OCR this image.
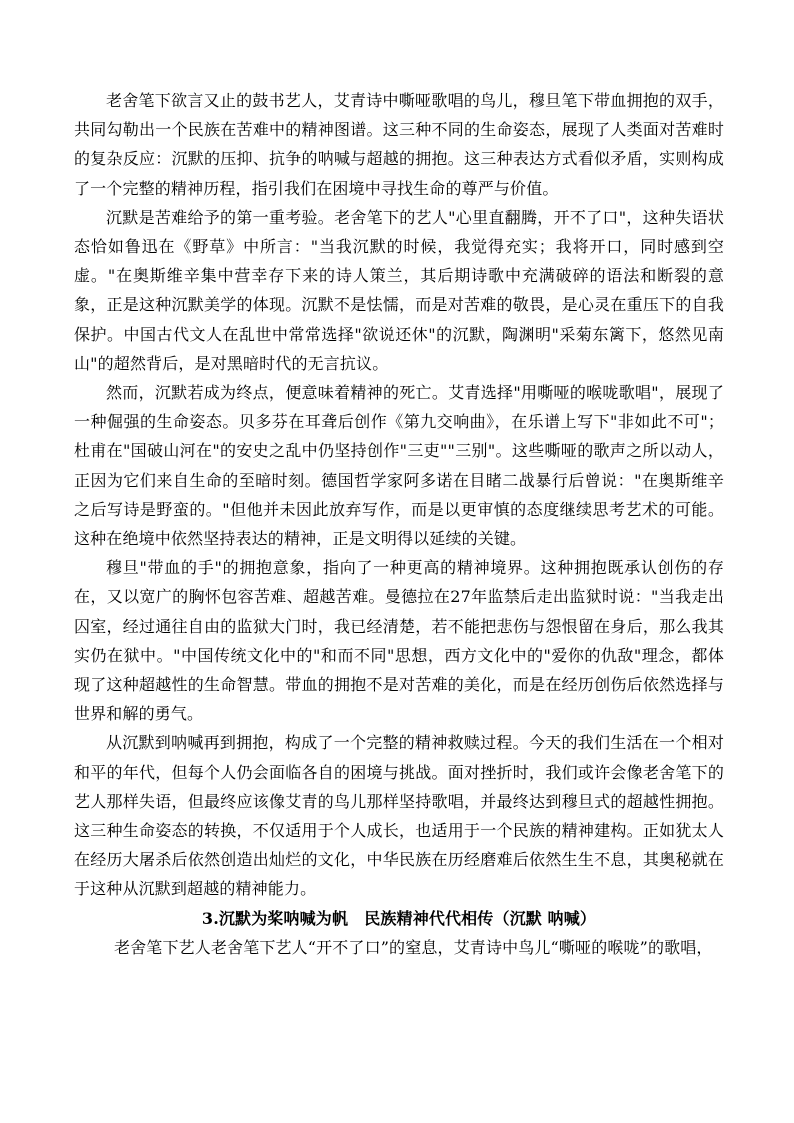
老舍笔下欲言又止的鼓书艺人，艾青诗中嘶哑歌唱的鸟儿，穆旦笔下带血拥抱的双手，共同勾勒出一个民族在苦难中的精神图谱。这三种不同的生命姿态，展现了人类面对苦难时的复杂反应：沉默的压抑、抗争的呐喊与超越的拥抱。这三种表达方式看似矛盾，实则构成了一个完整的精神历程，指引我们在困境中寻找生命的尊严与价值。

沉默是苦难给予的第一重考验。老舍笔下的艺人"心里直翻腾，开不了口"，这种失语状态恰如鲁迅在《野草》中所言："当我沉默的时候，我觉得充实；我将开口，同时感到空虚。"在奥斯维辛集中营幸存下来的诗人策兰，其后期诗歌中充满破碎的语法和断裂的意象，正是这种沉默美学的体现。沉默不是怯懦，而是对苦难的敬畏，是心灵在重压下的自我保护。中国古代文人在乱世中常常选择"欲说还休"的沉默，陶渊明"采菊东篱下，悠然见南山"的超然背后，是对黑暗时代的无言抗议。

然而，沉默若成为终点，便意味着精神的死亡。艾青选择"用嘶哑的喉咙歌唱"，展现了一种倔强的生命姿态。贝多芬在耳聋后创作《第九交响曲》，在乐谱上写下"非如此不可"；杜甫在"国破山河在"的安史之乱中仍坚持创作"三吏""三别"。这些嘶哑的歌声之所以动人，正因为它们来自生命的至暗时刻。德国哲学家阿多诺在目睹二战暴行后曾说："在奥斯维辛之后写诗是野蛮的。"但他并未因此放弃写作，而是以更审慎的态度继续思考艺术的可能。这种在绝境中依然坚持表达的精神，正是文明得以延续的关键。

穆旦"带血的手"的拥抱意象，指向了一种更高的精神境界。这种拥抱既承认创伤的存在，又以宽广的胸怀包容苦难、超越苦难。曼德拉在27年监禁后走出监狱时说："当我走出囚室，经过通往自由的监狱大门时，我已经清楚，若不能把悲伤与怨恨留在身后，那么我其实仍在狱中。"中国传统文化中的"和而不同"思想，西方文化中的"爱你的仇敌"理念，都体现了这种超越性的生命智慧。带血的拥抱不是对苦难的美化，而是在经历创伤后依然选择与世界和解的勇气。

从沉默到呐喊再到拥抱，构成了一个完整的精神救赎过程。今天的我们生活在一个相对和平的年代，但每个人仍会面临各自的困境与挑战。面对挫折时，我们或许会像老舍笔下的艺人那样失语，但最终应该像艾青的鸟儿那样坚持歌唱，并最终达到穆旦式的超越性拥抱。这三种生命姿态的转换，不仅适用于个人成长，也适用于一个民族的精神建构。正如犹太人在经历大屠杀后依然创造出灿烂的文化，中华民族在历经磨难后依然生生不息，其奥秘就在于这种从沉默到超越的精神能力。

3.沉默为桨呐喊为帆　民族精神代代相传（沉默 呐喊）

老舍笔下艺人老舍笔下艺人“开不了口”的窒息，艾青诗中鸟儿“嘶哑的喉咙”的歌唱，
